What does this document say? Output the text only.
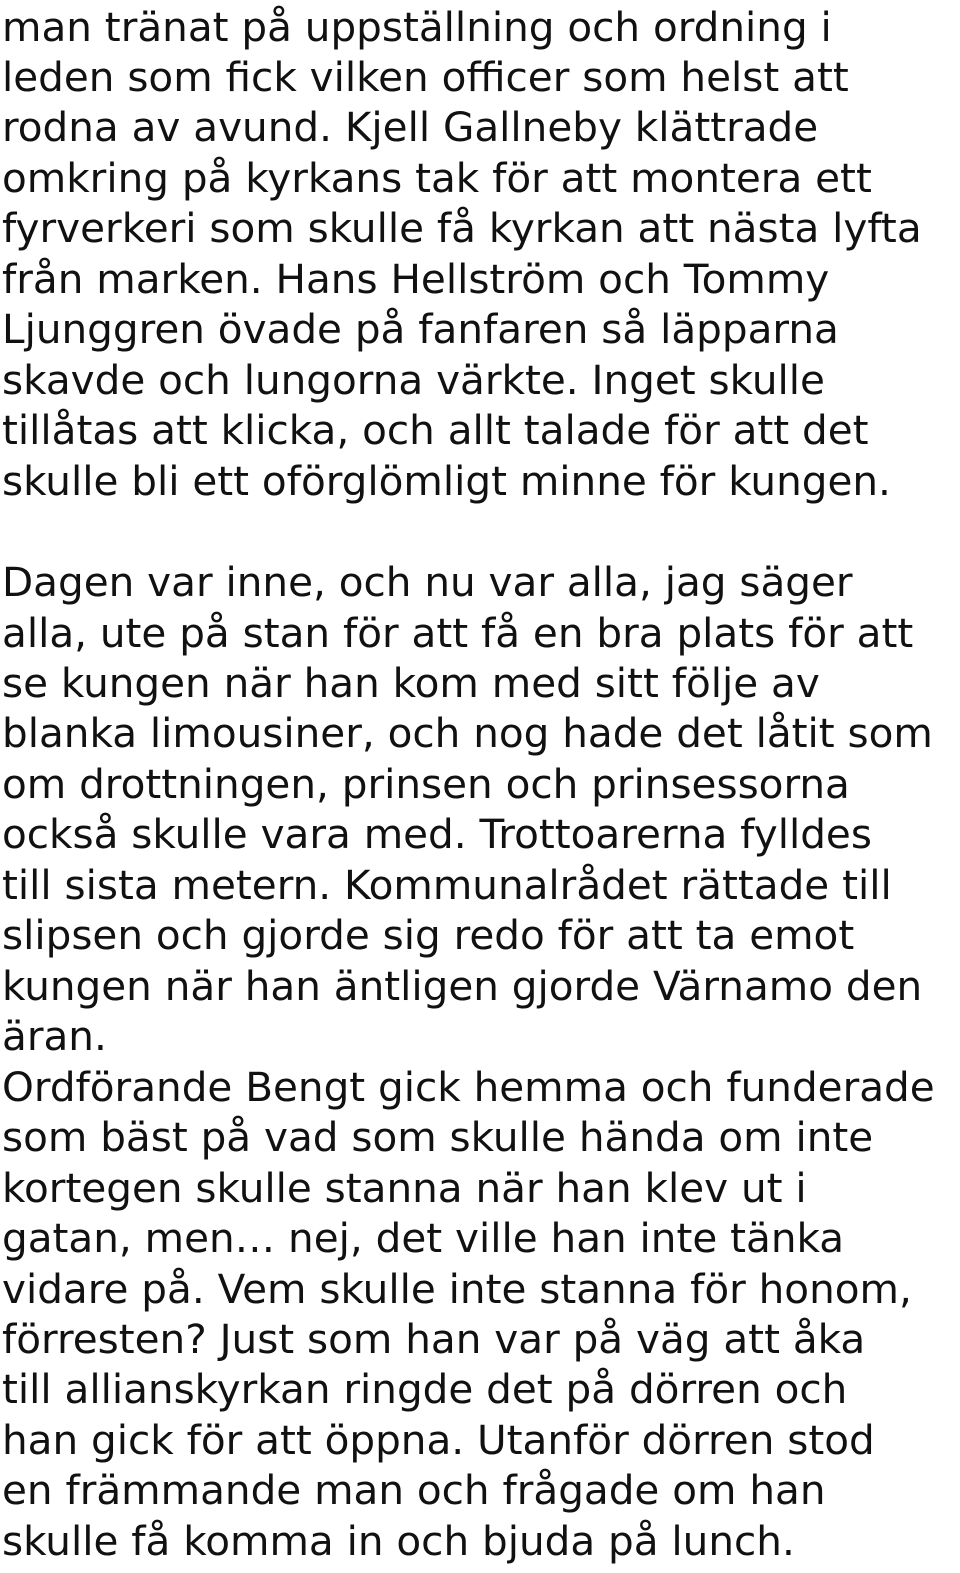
man tränat på uppställning och ordning i

leden som fick vilken officer som helst att

rodna av avund. Kjell Gallneby klättrade

omkring på kyrkans tak för att montera ett

fyrverkeri som skulle få kyrkan att nästa lyfta

från marken. Hans Hellström och Tommy

Ljunggren övade på fanfaren så läpparna

skavde och lungorna värkte. Inget skulle

tillåtas att klicka, och allt talade för att det

skulle bli ett oförglömligt minne för kungen.

Dagen var inne, och nu var alla, jag säger

alla, ute på stan för att få en bra plats för att

se kungen när han kom med sitt följe av

blanka limousiner, och nog hade det låtit som

om drottningen, prinsen och prinsessorna

också skulle vara med. Trottoarerna fylldes

till sista metern. Kommunalrådet rättade till

slipsen och gjorde sig redo för att ta emot

kungen när han äntligen gjorde Värnamo den

äran.

Ordförande Bengt gick hemma och funderade

som bäst på vad som skulle hända om inte

kortegen skulle stanna när han klev ut i

gatan, men… nej, det ville han inte tänka

vidare på. Vem skulle inte stanna för honom,

förresten? Just som han var på väg att åka

till allianskyrkan ringde det på dörren och

han gick för att öppna. Utanför dörren stod

en främmande man och frågade om han

skulle få komma in och bjuda på lunch.
